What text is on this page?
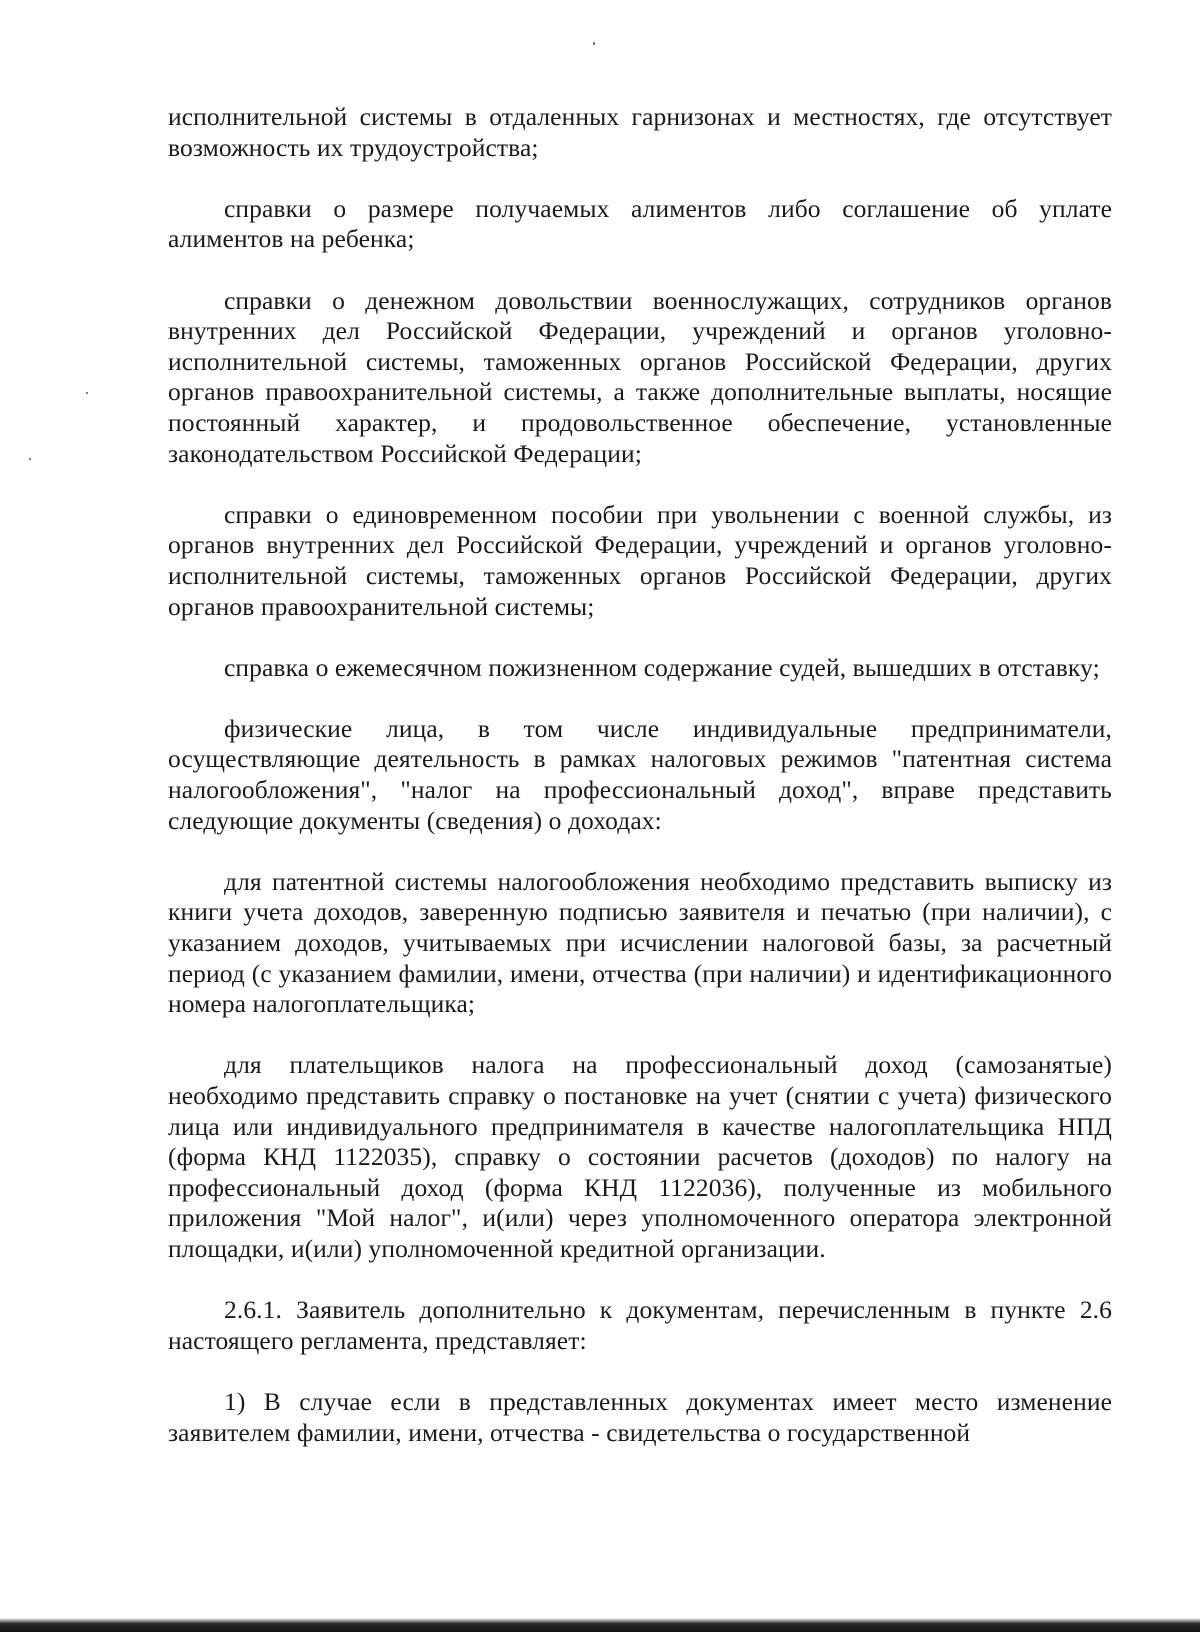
исполнительной системы в отдаленных гарнизонах и местностях, где отсутствует возможность их трудоустройства;

справки о размере получаемых алиментов либо соглашение об уплате алиментов на ребенка;

справки о денежном довольствии военнослужащих, сотрудников органов внутренних дел Российской Федерации, учреждений и органов уголовно-исполнительной системы, таможенных органов Российской Федерации, других органов правоохранительной системы, а также дополнительные выплаты, носящие постоянный характер, и продовольственное обеспечение, установленные законодательством Российской Федерации;

справки о единовременном пособии при увольнении с военной службы, из органов внутренних дел Российской Федерации, учреждений и органов уголовно-исполнительной системы, таможенных органов Российской Федерации, других органов правоохранительной системы;

справка о ежемесячном пожизненном содержание судей, вышедших в отставку;

физические лица, в том числе индивидуальные предприниматели, осуществляющие деятельность в рамках налоговых режимов "патентная система налогообложения", "налог на профессиональный доход", вправе представить следующие документы (сведения) о доходах:

для патентной системы налогообложения необходимо представить выписку из книги учета доходов, заверенную подписью заявителя и печатью (при наличии), с указанием доходов, учитываемых при исчислении налоговой базы, за расчетный период (с указанием фамилии, имени, отчества (при наличии) и идентификационного номера налогоплательщика;

для плательщиков налога на профессиональный доход (самозанятые) необходимо представить справку о постановке на учет (снятии с учета) физического лица или индивидуального предпринимателя в качестве налогоплательщика НПД (форма КНД 1122035), справку о состоянии расчетов (доходов) по налогу на профессиональный доход (форма КНД 1122036), полученные из мобильного приложения "Мой налог", и(или) через уполномоченного оператора электронной площадки, и(или) уполномоченной кредитной организации.

2.6.1. Заявитель дополнительно к документам, перечисленным в пункте 2.6 настоящего регламента, представляет:

1) В случае если в представленных документах имеет место изменение заявителем фамилии, имени, отчества - свидетельства о государственной
